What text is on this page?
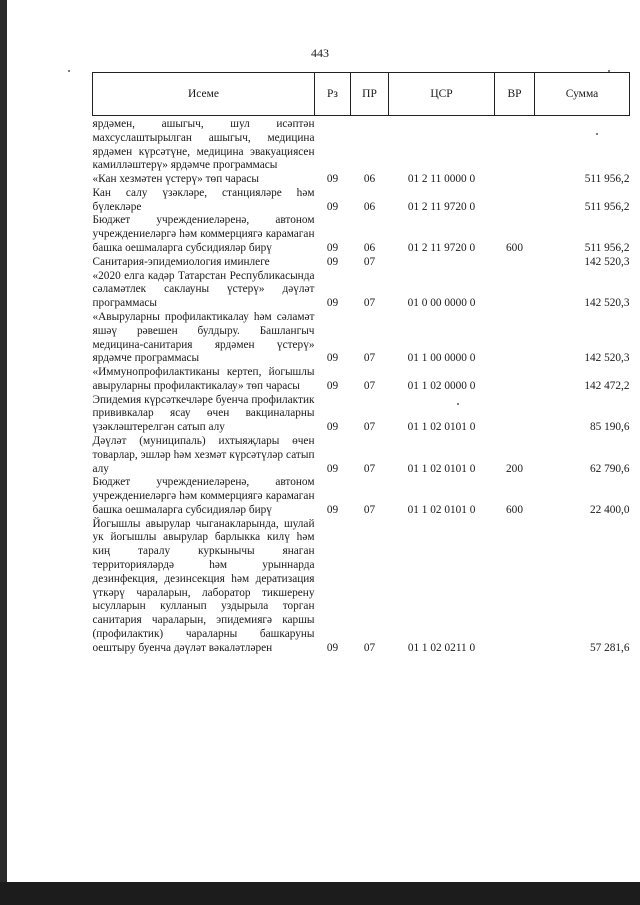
443
Исеме	Рз	ПР	ЦСР	ВР	Сумма
ярдәмен, ашыгыч, шул исәптән махсуслаштырылган ашыгыч, медицина ярдәмен күрсәтүне, медицина эвакуациясен камилләштерү» ярдәмче программасы					
«Кан хезмәтен үстерү» төп чарасы	09	06	01 2 11 0000 0		511 956,2
Кан салу үзәкләре, станцияләре һәм бүлекләре	09	06	01 2 11 9720 0		511 956,2
Бюджет учреждениеләренә, автоном учреждениеләргә һәм коммерциягә карамаган башка оешмаларга субсидияләр бирү	09	06	01 2 11 9720 0	600	511 956,2
Санитария-эпидемиология иминлеге	09	07			142 520,3
«2020 елга кадәр Татарстан Республикасында сәламәтлек саклауны үстерү» дәүләт программасы	09	07	01 0 00 0000 0		142 520,3
«Авыруларны профилактикалау һәм сәламәт яшәү рәвешен булдыру. Башлангыч медицина-санитария ярдәмен үстерү» ярдәмче программасы	09	07	01 1 00 0000 0		142 520,3
«Иммунопрофилактиканы кертеп, йогышлы авыруларны профилактикалау» төп чарасы	09	07	01 1 02 0000 0		142 472,2
Эпидемия күрсәткечләре буенча профилактик прививкалар ясау өчен вакциналарны үзәкләштерелгән сатып алу	09	07	01 1 02 0101 0		85 190,6
Дәүләт (муниципаль) ихтыяҗлары өчен товарлар, эшләр һәм хезмәт күрсәтүләр сатып алу	09	07	01 1 02 0101 0	200	62 790,6
Бюджет учреждениеләренә, автоном учреждениеләргә һәм коммерциягә карамаган башка оешмаларга субсидияләр бирү	09	07	01 1 02 0101 0	600	22 400,0
Йогышлы авырулар чыганакларында, шулай ук йогышлы авырулар барлыкка килү һәм киң таралу куркынычы янаган территорияләрдә һәм урыннарда дезинфекция, дезинсекция һәм дератизация үткәрү чараларын, лаборатор тикшерену ысулларын кулланып уздырыла торган санитария чараларын, эпидемиягә каршы (профилактик) чараларны башкаруны оештыру буенча дәүләт вәкаләтләрен	09	07	01 1 02 0211 0		57 281,6
